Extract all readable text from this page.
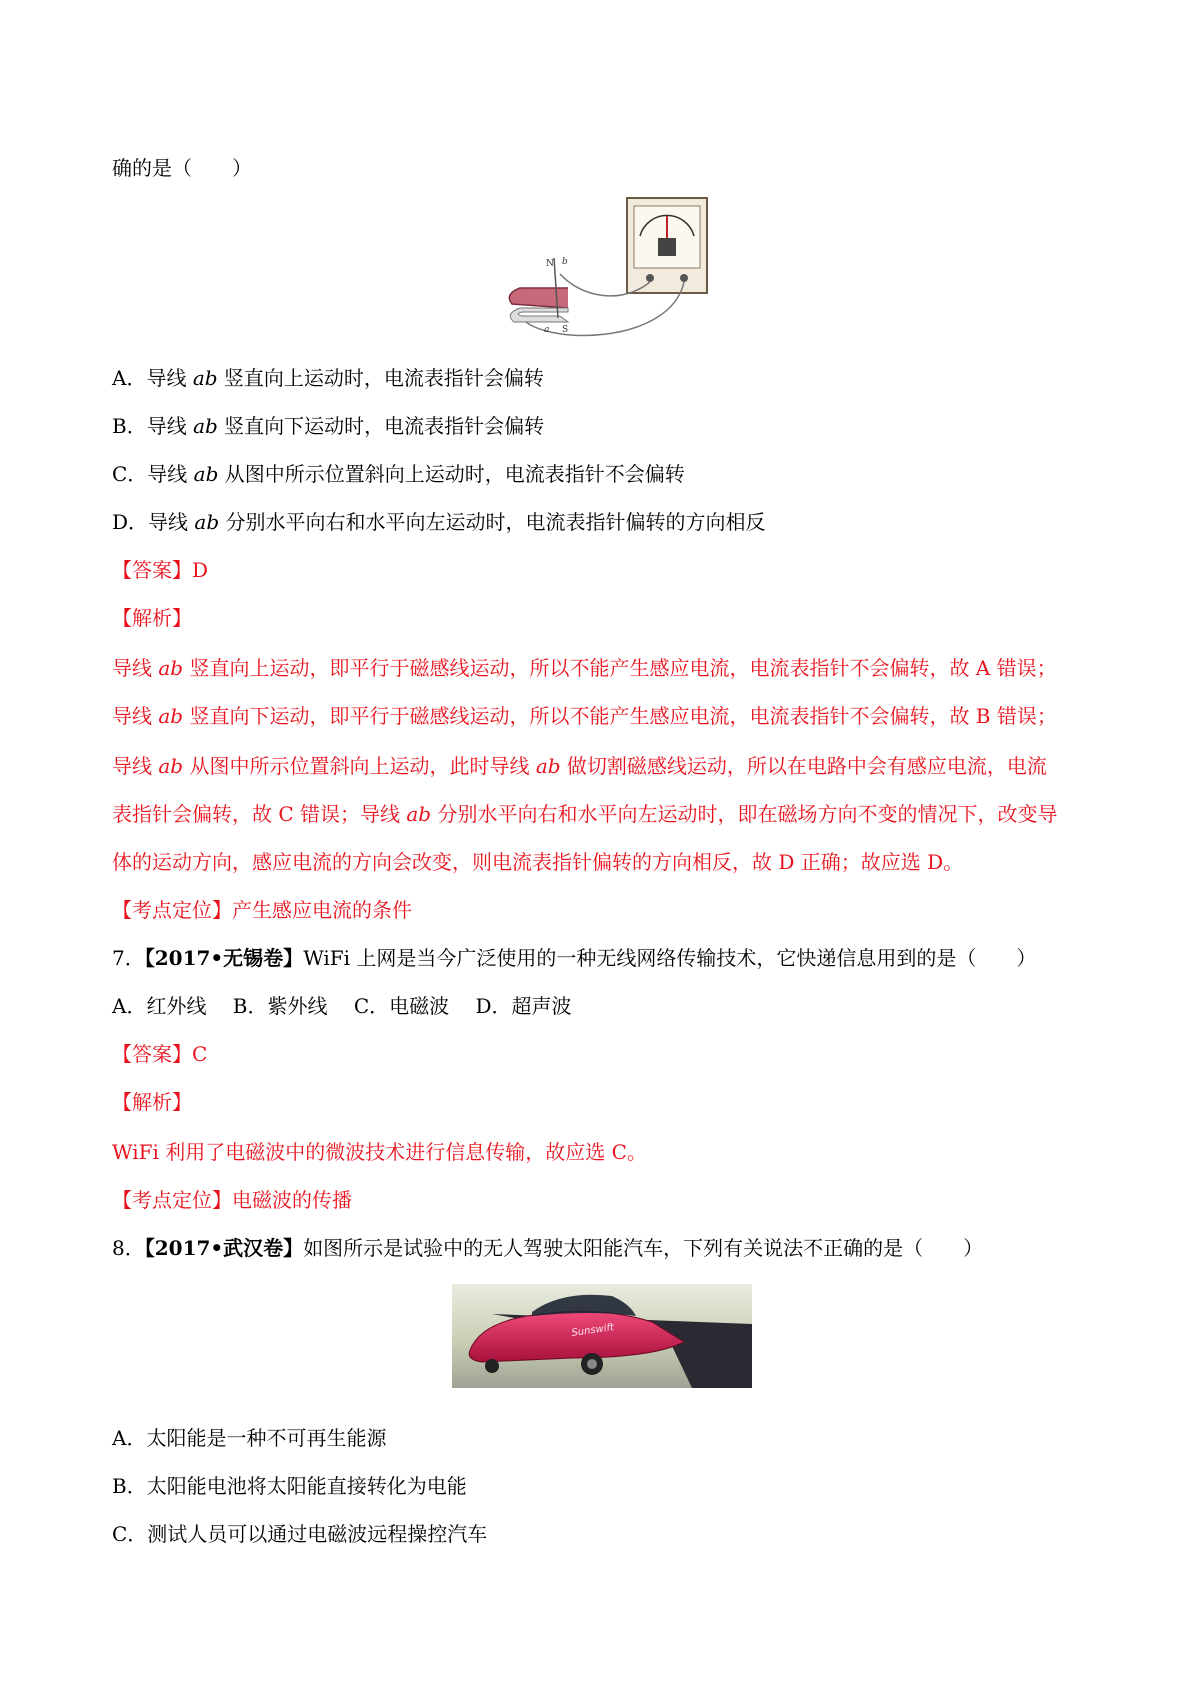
确的是（　　）
N b
a S
A．导线 ab 竖直向上运动时，电流表指针会偏转
B．导线 ab 竖直向下运动时，电流表指针会偏转
C．导线 ab 从图中所示位置斜向上运动时，电流表指针不会偏转
D．导线 ab 分别水平向右和水平向左运动时，电流表指针偏转的方向相反
【答案】D
【解析】
导线 ab 竖直向上运动，即平行于磁感线运动，所以不能产生感应电流，电流表指针不会偏转，故 A 错误；
导线 ab 竖直向下运动，即平行于磁感线运动，所以不能产生感应电流，电流表指针不会偏转，故 B 错误；
导线 ab 从图中所示位置斜向上运动，此时导线 ab 做切割磁感线运动，所以在电路中会有感应电流，电流
表指针会偏转，故 C 错误；导线 ab 分别水平向右和水平向左运动时，即在磁场方向不变的情况下，改变导
体的运动方向，感应电流的方向会改变，则电流表指针偏转的方向相反，故 D 正确；故应选 D。
【考点定位】产生感应电流的条件
7．【2017•无锡卷】WiFi 上网是当今广泛使用的一种无线网络传输技术，它快递信息用到的是（　　）
A．红外线　 B．紫外线　 C．电磁波　 D．超声波
【答案】C
【解析】
WiFi 利用了电磁波中的微波技术进行信息传输，故应选 C。
【考点定位】电磁波的传播
8．【2017•武汉卷】如图所示是试验中的无人驾驶太阳能汽车，下列有关说法不正确的是（　　）
Sunswift
A．太阳能是一种不可再生能源
B．太阳能电池将太阳能直接转化为电能
C．测试人员可以通过电磁波远程操控汽车
